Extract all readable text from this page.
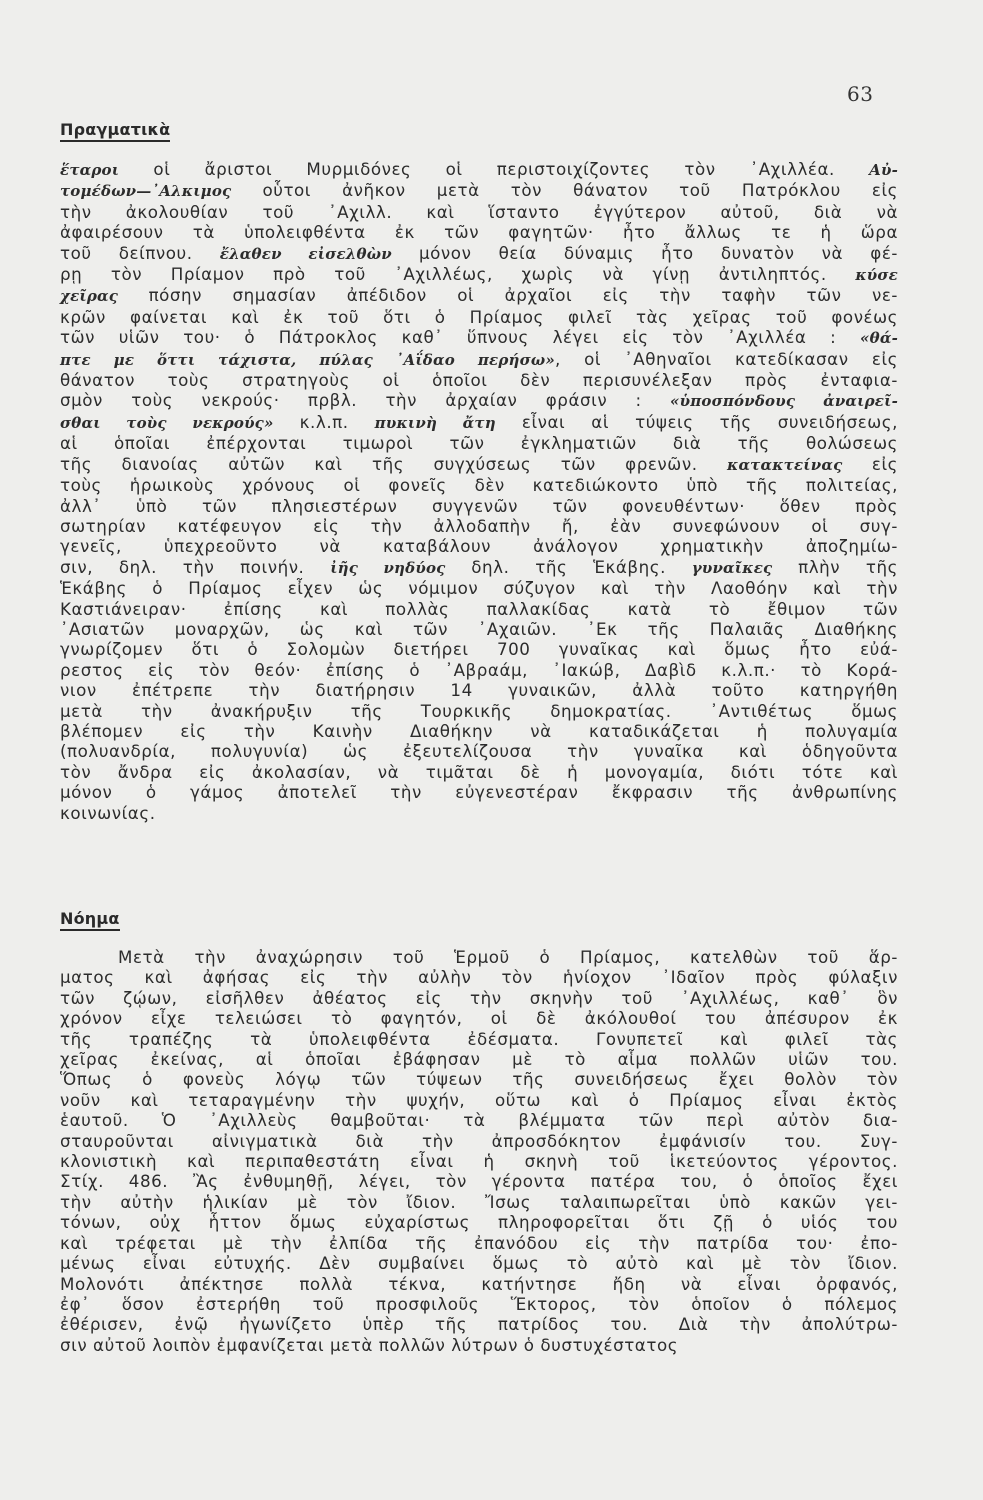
63
Πραγματικὰ
ἕταροι οἱ ἄριστοι Μυρμιδόνες οἱ περιστοιχίζοντες τὸν ᾿Αχιλλέα. Αὐ-
τομέδων—᾿Αλκιμος οὗτοι ἀνῆκον μετὰ τὸν θάνατον τοῦ Πατρόκλου εἰς
τὴν ἀκολουθίαν τοῦ ᾿Αχιλλ. καὶ ἵσταντο ἐγγύτερον αὐτοῦ, διὰ νὰ
ἀφαιρέσουν τὰ ὑπολειφθέντα ἐκ τῶν φαγητῶν· ἦτο ἄλλως τε ἡ ὥρα
τοῦ δείπνου. ἔλαθεν εἰσελθὼν μόνον θεία δύναμις ἦτο δυνατὸν νὰ φέ-
ρῃ τὸν Πρίαμον πρὸ τοῦ ᾿Αχιλλέως, χωρὶς νὰ γίνῃ ἀντιληπτός. κύσε
χεῖρας πόσην σημασίαν ἀπέδιδον οἱ ἀρχαῖοι εἰς τὴν ταφὴν τῶν νε-
κρῶν φαίνεται καὶ ἐκ τοῦ ὅτι ὁ Πρίαμος φιλεῖ τὰς χεῖρας τοῦ φονέως
τῶν υἱῶν του· ὁ Πάτροκλος καθ᾿ ὕπνους λέγει εἰς τὸν ᾿Αχιλλέα : «θά-
πτε με ὅττι τάχιστα, πύλας ᾿Αΐδαο περήσω», οἱ ᾿Αθηναῖοι κατεδίκασαν εἰς
θάνατον τοὺς στρατηγοὺς οἱ ὁποῖοι δὲν περισυνέλεξαν πρὸς ἐνταφια-
σμὸν τοὺς νεκρούς· πρβλ. τὴν ἀρχαίαν φράσιν : «ὑποσπόνδους ἀναιρεῖ-
σθαι τοὺς νεκρούς» κ.λ.π. πυκινὴ ἄτη εἶναι αἱ τύψεις τῆς συνειδήσεως,
αἱ ὁποῖαι ἐπέρχονται τιμωροὶ τῶν ἐγκληματιῶν διὰ τῆς θολώσεως
τῆς διανοίας αὐτῶν καὶ τῆς συγχύσεως τῶν φρενῶν. κατακτείνας εἰς
τοὺς ἡρωικοὺς χρόνους οἱ φονεῖς δὲν κατεδιώκοντο ὑπὸ τῆς πολιτείας,
ἀλλ᾿ ὑπὸ τῶν πλησιεστέρων συγγενῶν τῶν φονευθέντων· ὅθεν πρὸς
σωτηρίαν κατέφευγον εἰς τὴν ἀλλοδαπὴν ἤ, ἐὰν συνεφώνουν οἱ συγ-
γενεῖς, ὑπεχρεοῦντο νὰ καταβάλουν ἀνάλογον χρηματικὴν ἀποζημίω-
σιν, δηλ. τὴν ποινήν. ἰῆς νηδύος δηλ. τῆς Ἑκάβης. γυναῖκες πλὴν τῆς
Ἑκάβης ὁ Πρίαμος εἶχεν ὡς νόμιμον σύζυγον καὶ τὴν Λαοθόην καὶ τὴν
Καστιάνειραν· ἐπίσης καὶ πολλὰς παλλακίδας κατὰ τὸ ἔθιμον τῶν
᾿Ασιατῶν μοναρχῶν, ὡς καὶ τῶν ᾿Αχαιῶν. ᾿Εκ τῆς Παλαιᾶς Διαθήκης
γνωρίζομεν ὅτι ὁ Σολομὼν διετήρει 700 γυναῖκας καὶ ὅμως ἦτο εὐά-
ρεστος εἰς τὸν θεόν· ἐπίσης ὁ ᾿Αβραάμ, ᾿Ιακώβ, Δαβὶδ κ.λ.π.· τὸ Κορά-
νιον ἐπέτρεπε τὴν διατήρησιν 14 γυναικῶν, ἀλλὰ τοῦτο κατηργήθη
μετὰ τὴν ἀνακήρυξιν τῆς Τουρκικῆς δημοκρατίας. ᾿Αντιθέτως ὅμως
βλέπομεν εἰς τὴν Καινὴν Διαθήκην νὰ καταδικάζεται ἡ πολυγαμία
(πολυανδρία, πολυγυνία) ὡς ἐξευτελίζουσα τὴν γυναῖκα καὶ ὁδηγοῦντα
τὸν ἄνδρα εἰς ἀκολασίαν, νὰ τιμᾶται δὲ ἡ μονογαμία, διότι τότε καὶ
μόνον ὁ γάμος ἀποτελεῖ τὴν εὐγενεστέραν ἔκφρασιν τῆς ἀνθρωπίνης
κοινωνίας.
Νόημα
Μετὰ τὴν ἀναχώρησιν τοῦ Ἑρμοῦ ὁ Πρίαμος, κατελθὼν τοῦ ἅρ-
ματος καὶ ἀφήσας εἰς τὴν αὐλὴν τὸν ἡνίοχον ᾿Ιδαῖον πρὸς φύλαξιν
τῶν ζῴων, εἰσῆλθεν ἀθέατος εἰς τὴν σκηνὴν τοῦ ᾿Αχιλλέως, καθ᾿ ὃν
χρόνον εἶχε τελειώσει τὸ φαγητόν, οἱ δὲ ἀκόλουθοί του ἀπέσυρον ἐκ
τῆς τραπέζης τὰ ὑπολειφθέντα ἐδέσματα. Γονυπετεῖ καὶ φιλεῖ τὰς
χεῖρας ἐκείνας, αἱ ὁποῖαι ἐβάφησαν μὲ τὸ αἷμα πολλῶν υἱῶν του.
Ὅπως ὁ φονεὺς λόγῳ τῶν τύψεων τῆς συνειδήσεως ἔχει θολὸν τὸν
νοῦν καὶ τεταραγμένην τὴν ψυχήν, οὕτω καὶ ὁ Πρίαμος εἶναι ἐκτὸς
ἑαυτοῦ. Ὁ ᾿Αχιλλεὺς θαμβοῦται· τὰ βλέμματα τῶν περὶ αὐτὸν δια-
σταυροῦνται αἰνιγματικὰ διὰ τὴν ἀπροσδόκητον ἐμφάνισίν του. Συγ-
κλονιστικὴ καὶ περιπαθεστάτη εἶναι ἡ σκηνὴ τοῦ ἱκετεύοντος γέροντος.
Στίχ. 486. Ἂς ἐνθυμηθῇ, λέγει, τὸν γέροντα πατέρα του, ὁ ὁποῖος ἔχει
τὴν αὐτὴν ἡλικίαν μὲ τὸν ἴδιον. Ἴσως ταλαιπωρεῖται ὑπὸ κακῶν γει-
τόνων, οὐχ ἧττον ὅμως εὐχαρίστως πληροφορεῖται ὅτι ζῇ ὁ υἱός του
καὶ τρέφεται μὲ τὴν ἐλπίδα τῆς ἐπανόδου εἰς τὴν πατρίδα του· ἐπο-
μένως εἶναι εὐτυχής. Δὲν συμβαίνει ὅμως τὸ αὐτὸ καὶ μὲ τὸν ἴδιον.
Μολονότι ἀπέκτησε πολλὰ τέκνα, κατήντησε ἤδη νὰ εἶναι ὀρφανός,
ἐφ᾿ ὅσον ἐστερήθη τοῦ προσφιλοῦς Ἕκτορος, τὸν ὁποῖον ὁ πόλεμος
ἐθέρισεν, ἐνῷ ἠγωνίζετο ὑπὲρ τῆς πατρίδος του. Διὰ τὴν ἀπολύτρω-
σιν αὐτοῦ λοιπὸν ἐμφανίζεται μετὰ πολλῶν λύτρων ὁ δυστυχέστατος
